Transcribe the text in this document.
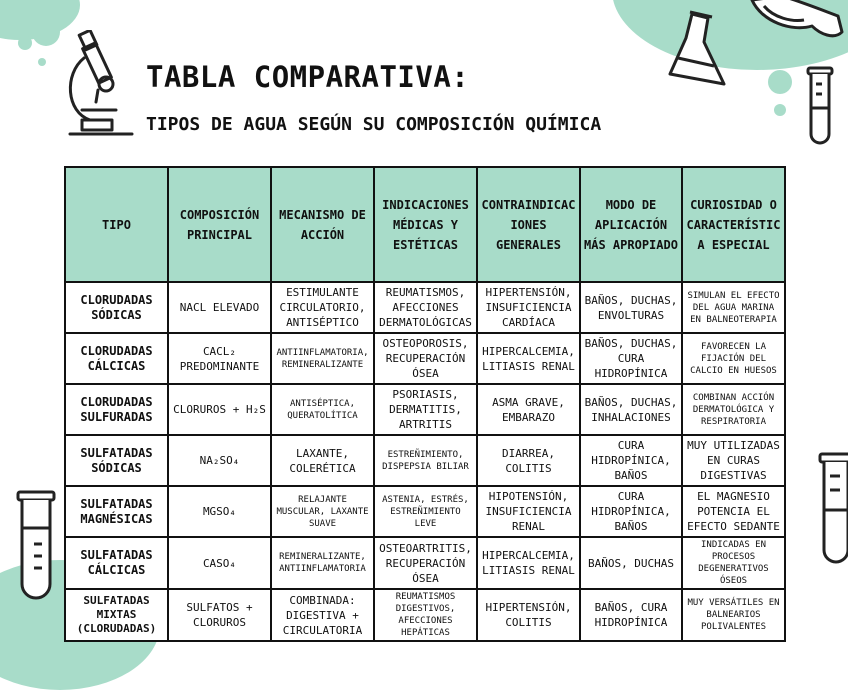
TABLA COMPARATIVA:
TIPOS DE AGUA SEGÚN SU COMPOSICIÓN QUÍMICA
TIPO	COMPOSICIÓN PRINCIPAL	MECANISMO DE ACCIÓN	INDICACIONES MÉDICAS Y ESTÉTICAS	CONTRAINDICACIONES GENERALES	MODO DE APLICACIÓN MÁS APROPIADO	CURIOSIDAD O CARACTERÍSTICA ESPECIAL
CLORUDADAS SÓDICAS	NACL ELEVADO	ESTIMULANTE CIRCULATORIO, ANTISÉPTICO	REUMATISMOS, AFECCIONES DERMATOLÓGICAS	HIPERTENSIÓN, INSUFICIENCIA CARDÍACA	BAÑOS, DUCHAS, ENVOLTURAS	SIMULAN EL EFECTO DEL AGUA MARINA EN BALNEOTERAPIA
CLORUDADAS CÁLCICAS	CACL₂ PREDOMINANTE	ANTIINFLAMATORIA, REMINERALIZANTE	OSTEOPOROSIS, RECUPERACIÓN ÓSEA	HIPERCALCEMIA, LITIASIS RENAL	BAÑOS, DUCHAS, CURA HIDROPÍNICA	FAVORECEN LA FIJACIÓN DEL CALCIO EN HUESOS
CLORUDADAS SULFURADAS	CLORUROS + H₂S	ANTISÉPTICA, QUERATOLÍTICA	PSORIASIS, DERMATITIS, ARTRITIS	ASMA GRAVE, EMBARAZO	BAÑOS, DUCHAS, INHALACIONES	COMBINAN ACCIÓN DERMATOLÓGICA Y RESPIRATORIA
SULFATADAS SÓDICAS	NA₂SO₄	LAXANTE, COLERÉTICA	ESTREÑIMIENTO, DISPEPSIA BILIAR	DIARREA, COLITIS	CURA HIDROPÍNICA, BAÑOS	MUY UTILIZADAS EN CURAS DIGESTIVAS
SULFATADAS MAGNÉSICAS	MGSO₄	RELAJANTE MUSCULAR, LAXANTE SUAVE	ASTENIA, ESTRÉS, ESTREÑIMIENTO LEVE	HIPOTENSIÓN, INSUFICIENCIA RENAL	CURA HIDROPÍNICA, BAÑOS	EL MAGNESIO POTENCIA EL EFECTO SEDANTE
SULFATADAS CÁLCICAS	CASO₄	REMINERALIZANTE, ANTIINFLAMATORIA	OSTEOARTRITIS, RECUPERACIÓN ÓSEA	HIPERCALCEMIA, LITIASIS RENAL	BAÑOS, DUCHAS	INDICADAS EN PROCESOS DEGENERATIVOS ÓSEOS
SULFATADAS MIXTAS (CLORUDADAS)	SULFATOS + CLORUROS	COMBINADA: DIGESTIVA + CIRCULATORIA	REUMATISMOS DIGESTIVOS, AFECCIONES HEPÁTICAS	HIPERTENSIÓN, COLITIS	BAÑOS, CURA HIDROPÍNICA	MUY VERSÁTILES EN BALNEARIOS POLIVALENTES
